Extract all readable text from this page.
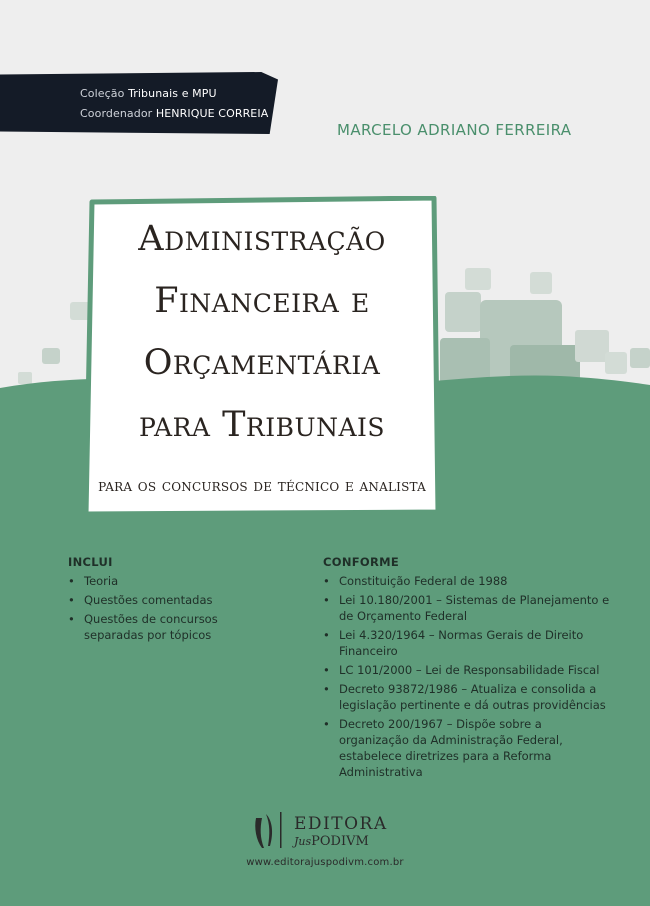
Coleção Tribunais e MPU
Coordenador HENRIQUE CORREIA
MARCELO ADRIANO FERREIRA
Administração
Financeira e
Orçamentária
para Tribunais
para os concursos de técnico e analista
INCLUI
• Teoria
• Questões comentadas
• Questões de concursos separadas por tópicos
CONFORME
• Constituição Federal de 1988
• Lei 10.180/2001 – Sistemas de Planejamento e de Orçamento Federal
• Lei 4.320/1964 – Normas Gerais de Direito Financeiro
• LC 101/2000 – Lei de Responsabilidade Fiscal
• Decreto 93872/1986 – Atualiza e consolida a legislação pertinente e dá outras providências
• Decreto 200/1967 – Dispõe sobre a organização da Administração Federal, estabelece diretrizes para a Reforma Administrativa
EDITORA
JusPODIVM
www.editorajuspodivm.com.br
